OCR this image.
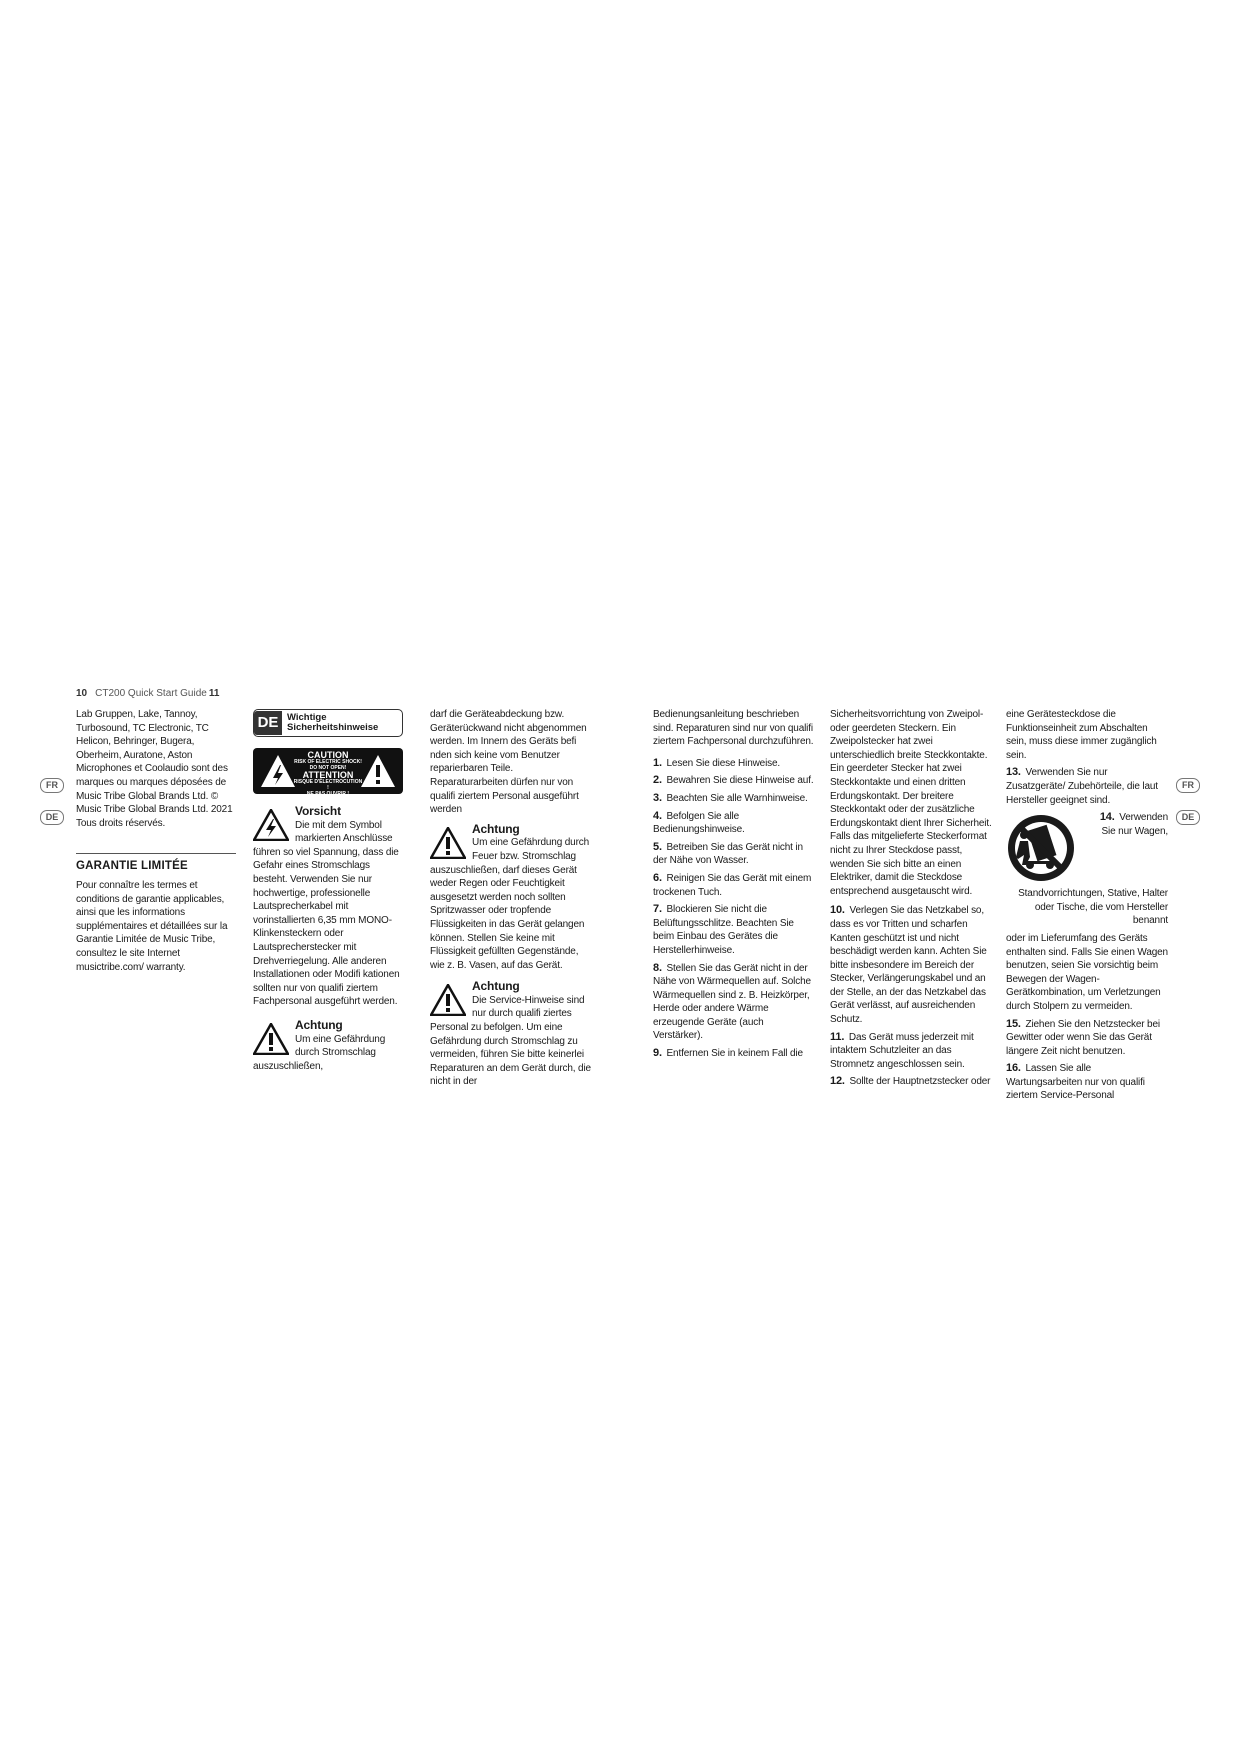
10 CT200 Quick Start Guide 11
FR
DE
FR
DE

Lab Gruppen, Lake, Tannoy, Turbosound, TC Electronic, TC Helicon, Behringer, Bugera, Oberheim, Auratone, Aston Microphones et Coolaudio sont des marques ou marques déposées de Music Tribe Global Brands Ltd. © Music Tribe Global Brands Ltd. 2021 Tous droits réservés.

GARANTIE LIMITÉE

Pour connaître les termes et conditions de garantie applicables, ainsi que les informations supplémentaires et détaillées sur la Garantie Limitée de Music Tribe, consultez le site Internet musictribe.com/ warranty.

DE Wichtige
Sicherheitshinweise
CAUTION
RISK OF ELECTRIC SHOCK!
DO NOT OPEN!
ATTENTION
RISQUE D'ÉLECTROCUTION !
NE PAS OUVRIR !
Vorsicht

Die mit dem Symbol markierten Anschlüsse führen so viel Spannung, dass die Gefahr eines Stromschlags besteht. Verwenden Sie nur hochwertige, professionelle Lautsprecherkabel mit vorinstallierten 6,35 mm MONO-Klinkensteckern oder Lautsprecherstecker mit Drehverriegelung. Alle anderen Installationen oder Modifi kationen sollten nur von qualifi ziertem Fachpersonal ausgeführt werden.

Achtung

Um eine Gefährdung durch Stromschlag auszuschließen,

darf die Geräteabdeckung bzw. Geräterückwand nicht abgenommen werden. Im Innern des Geräts befi nden sich keine vom Benutzer reparierbaren Teile. Reparaturarbeiten dürfen nur von qualifi ziertem Personal ausgeführt werden

Achtung

Um eine Gefährdung durch Feuer bzw. Stromschlag auszuschließen, darf dieses Gerät weder Regen oder Feuchtigkeit ausgesetzt werden noch sollten Spritzwasser oder tropfende Flüssigkeiten in das Gerät gelangen können. Stellen Sie keine mit Flüssigkeit gefüllten Gegenstände, wie z. B. Vasen, auf das Gerät.

Achtung

Die Service-Hinweise sind nur durch qualifi ziertes Personal zu befolgen. Um eine Gefährdung durch Stromschlag zu vermeiden, führen Sie bitte keinerlei Reparaturen an dem Gerät durch, die nicht in der

Bedienungsanleitung beschrieben sind. Reparaturen sind nur von qualifi ziertem Fachpersonal durchzuführen.

1. Lesen Sie diese Hinweise.

2. Bewahren Sie diese Hinweise auf.

3. Beachten Sie alle Warnhinweise.

4. Befolgen Sie alle Bedienungshinweise.

5. Betreiben Sie das Gerät nicht in der Nähe von Wasser.

6. Reinigen Sie das Gerät mit einem trockenen Tuch.

7. Blockieren Sie nicht die Belüftungsschlitze. Beachten Sie beim Einbau des Gerätes die Herstellerhinweise.

8. Stellen Sie das Gerät nicht in der Nähe von Wärmequellen auf. Solche Wärmequellen sind z. B. Heizkörper, Herde oder andere Wärme erzeugende Geräte (auch Verstärker).

9. Entfernen Sie in keinem Fall die

Sicherheitsvorrichtung von Zweipol- oder geerdeten Steckern. Ein Zweipolstecker hat zwei unterschiedlich breite Steckkontakte. Ein geerdeter Stecker hat zwei Steckkontakte und einen dritten Erdungskontakt. Der breitere Steckkontakt oder der zusätzliche Erdungskontakt dient Ihrer Sicherheit. Falls das mitgelieferte Steckerformat nicht zu Ihrer Steckdose passt, wenden Sie sich bitte an einen Elektriker, damit die Steckdose entsprechend ausgetauscht wird.

10. Verlegen Sie das Netzkabel so, dass es vor Tritten und scharfen Kanten geschützt ist und nicht beschädigt werden kann. Achten Sie bitte insbesondere im Bereich der Stecker, Verlängerungskabel und an der Stelle, an der das Netzkabel das Gerät verlässt, auf ausreichenden Schutz.

11. Das Gerät muss jederzeit mit intaktem Schutzleiter an das Stromnetz angeschlossen sein.

12. Sollte der Hauptnetzstecker oder

eine Gerätesteckdose die Funktionseinheit zum Abschalten sein, muss diese immer zugänglich sein.

13. Verwenden Sie nur Zusatzgeräte/ Zubehörteile, die laut Hersteller geeignet sind.

14. Verwenden Sie nur Wagen, Standvorrichtungen, Stative, Halter oder Tische, die vom Hersteller benannt

oder im Lieferumfang des Geräts enthalten sind. Falls Sie einen Wagen benutzen, seien Sie vorsichtig beim Bewegen der Wagen-Gerätkombination, um Verletzungen durch Stolpern zu vermeiden.

15. Ziehen Sie den Netzstecker bei Gewitter oder wenn Sie das Gerät längere Zeit nicht benutzen.

16. Lassen Sie alle Wartungsarbeiten nur von qualifi ziertem Service-Personal
